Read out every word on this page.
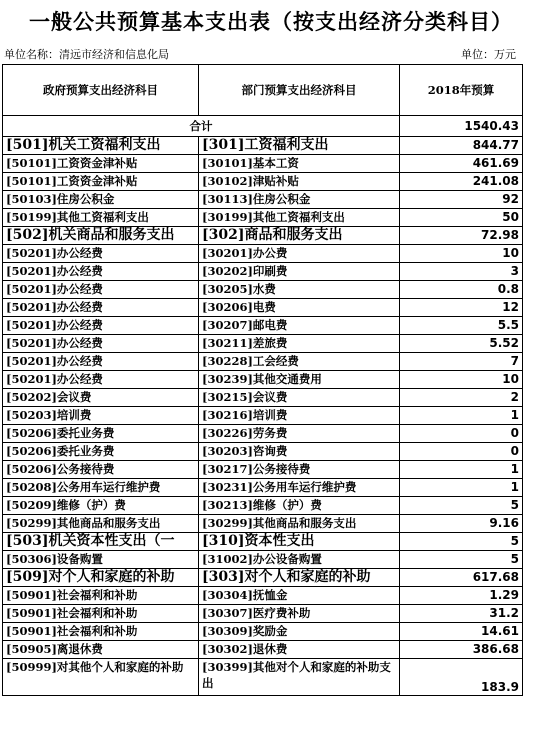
一般公共预算基本支出表（按支出经济分类科目）
单位名称：清远市经济和信息化局	单位：万元
政府预算支出经济科目	部门预算支出经济科目	2018年预算
合计		1540.43
[501]机关工资福利支出	[301]工资福利支出	844.77
[50101]工资资金津补贴	[30101]基本工资	461.69
[50101]工资资金津补贴	[30102]津贴补贴	241.08
[50103]住房公积金	[30113]住房公积金	92
[50199]其他工资福利支出	[30199]其他工资福利支出	50
[502]机关商品和服务支出	[302]商品和服务支出	72.98
[50201]办公经费	[30201]办公费	10
[50201]办公经费	[30202]印刷费	3
[50201]办公经费	[30205]水费	0.8
[50201]办公经费	[30206]电费	12
[50201]办公经费	[30207]邮电费	5.5
[50201]办公经费	[30211]差旅费	5.52
[50201]办公经费	[30228]工会经费	7
[50201]办公经费	[30239]其他交通费用	10
[50202]会议费	[30215]会议费	2
[50203]培训费	[30216]培训费	1
[50206]委托业务费	[30226]劳务费	0
[50206]委托业务费	[30203]咨询费	0
[50206]公务接待费	[30217]公务接待费	1
[50208]公务用车运行维护费	[30231]公务用车运行维护费	1
[50209]维修（护）费	[30213]维修（护）费	5
[50299]其他商品和服务支出	[30299]其他商品和服务支出	9.16
[503]机关资本性支出（一	[310]资本性支出	5
[50306]设备购置	[31002]办公设备购置	5
[509]对个人和家庭的补助	[303]对个人和家庭的补助	617.68
[50901]社会福利和补助	[30304]抚恤金	1.29
[50901]社会福利和补助	[30307]医疗费补助	31.2
[50901]社会福利和补助	[30309]奖励金	14.61
[50905]离退休费	[30302]退休费	386.68
[50999]对其他个人和家庭的补助	[30399]其他对个人和家庭的补助支出	183.9
